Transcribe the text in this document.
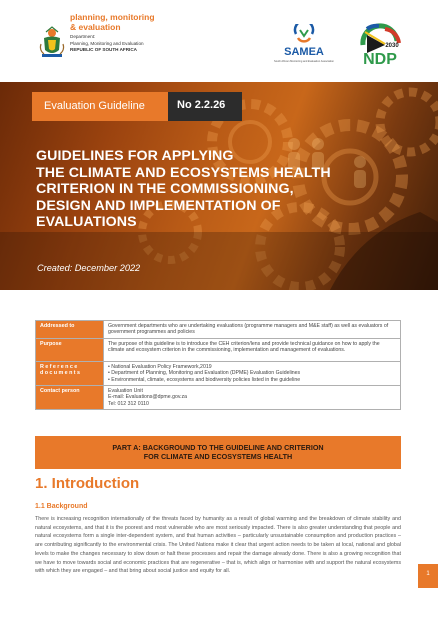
planning, monitoring
& evaluation
Department:
Planning, Monitoring and Evaluation
REPUBLIC OF SOUTH AFRICA	SAMEA
South African Monitoring and Evaluation Association
2030
NDP
Evaluation Guideline	No 2.2.26
GUIDELINES FOR APPLYING
THE CLIMATE AND ECOSYSTEMS HEALTH
CRITERION IN THE COMMISSIONING,
DESIGN AND IMPLEMENTATION OF
EVALUATIONS
Created: December 2022
Addressed to	Government departments who are undertaking evaluations (programme managers and M&E staff) as well as evaluators of government programmes and policies
Purpose	The purpose of this guideline is to introduce the CEH criterion/lens and provide technical guidance on how to apply the climate and ecosystem criterion in the commissioning, implementation and management of evaluations.
Reference documents	• National Evaluation Policy Framework,2019
• Department of Planning, Monitoring and Evaluation (DPME) Evaluation Guidelines
• Environmental, climate, ecosystems and biodiversity policies listed in the guideline

Contact person	Evaluation Unit
E-mail: Evaluations@dpme.gov.za
Tel: 012 312 0110
PART A: BACKGROUND TO THE GUIDELINE AND CRITERION
FOR CLIMATE AND ECOSYSTEMS HEALTH
1. Introduction
1.1 Background
There is increasing recognition internationally of the threats faced by humanity as a result of global warming and the breakdown of climate stability and natural ecosystems, and that it is the poorest and most vulnerable who are most seriously impacted. There is also greater understanding that people and natural ecosystems form a single inter-dependent system, and that human activities – particularly unsustainable consumption and production practices – are contributing significantly to the environmental crisis. The United Nations make it clear that urgent action needs to be taken at local, national and global levels to make the changes necessary to slow down or halt these processes and repair the damage already done. There is also a growing recognition that we have to move towards social and economic practices that are regenerative – that is, which align or harmonise with and support the natural ecosystems with which they are engaged – and that bring about social justice and equity for all.	1
